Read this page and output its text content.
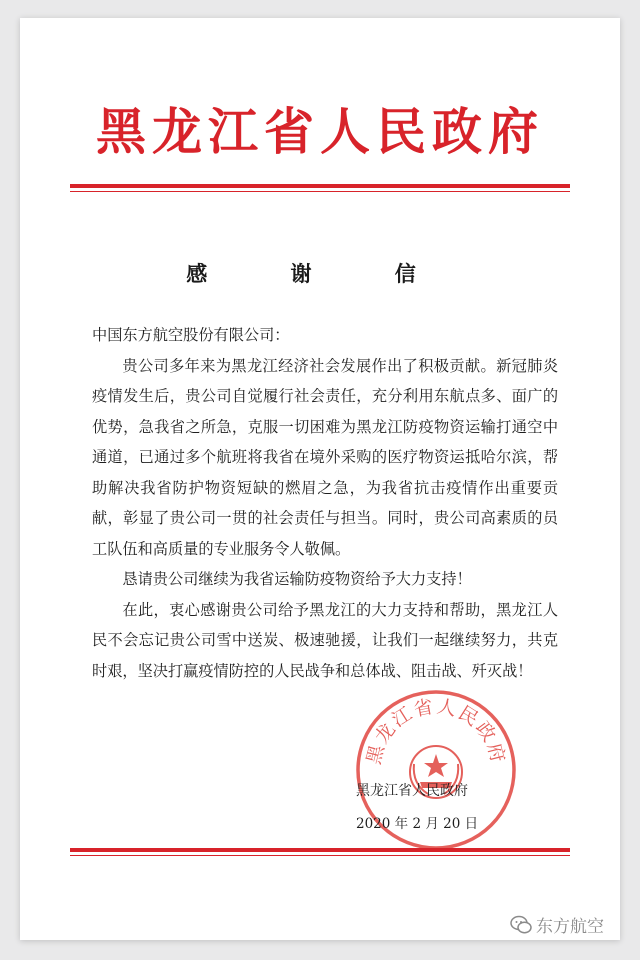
黑龙江省人民政府
感 谢 信

中国东方航空股份有限公司：

贵公司多年来为黑龙江经济社会发展作出了积极贡献。新冠肺炎疫情发生后，贵公司自觉履行社会责任，充分利用东航点多、面广的优势，急我省之所急，克服一切困难为黑龙江防疫物资运输打通空中通道，已通过多个航班将我省在境外采购的医疗物资运抵哈尔滨，帮助解决我省防护物资短缺的燃眉之急，为我省抗击疫情作出重要贡献，彰显了贵公司一贯的社会责任与担当。同时，贵公司高素质的员工队伍和高质量的专业服务令人敬佩。

恳请贵公司继续为我省运输防疫物资给予大力支持！

在此，衷心感谢贵公司给予黑龙江的大力支持和帮助，黑龙江人民不会忘记贵公司雪中送炭、极速驰援，让我们一起继续努力，共克时艰，坚决打赢疫情防控的人民战争和总体战、阻击战、歼灭战！

黑龙江省人民政府
黑龙江省人民政府
2020 年 2 月 20 日
东方航空
